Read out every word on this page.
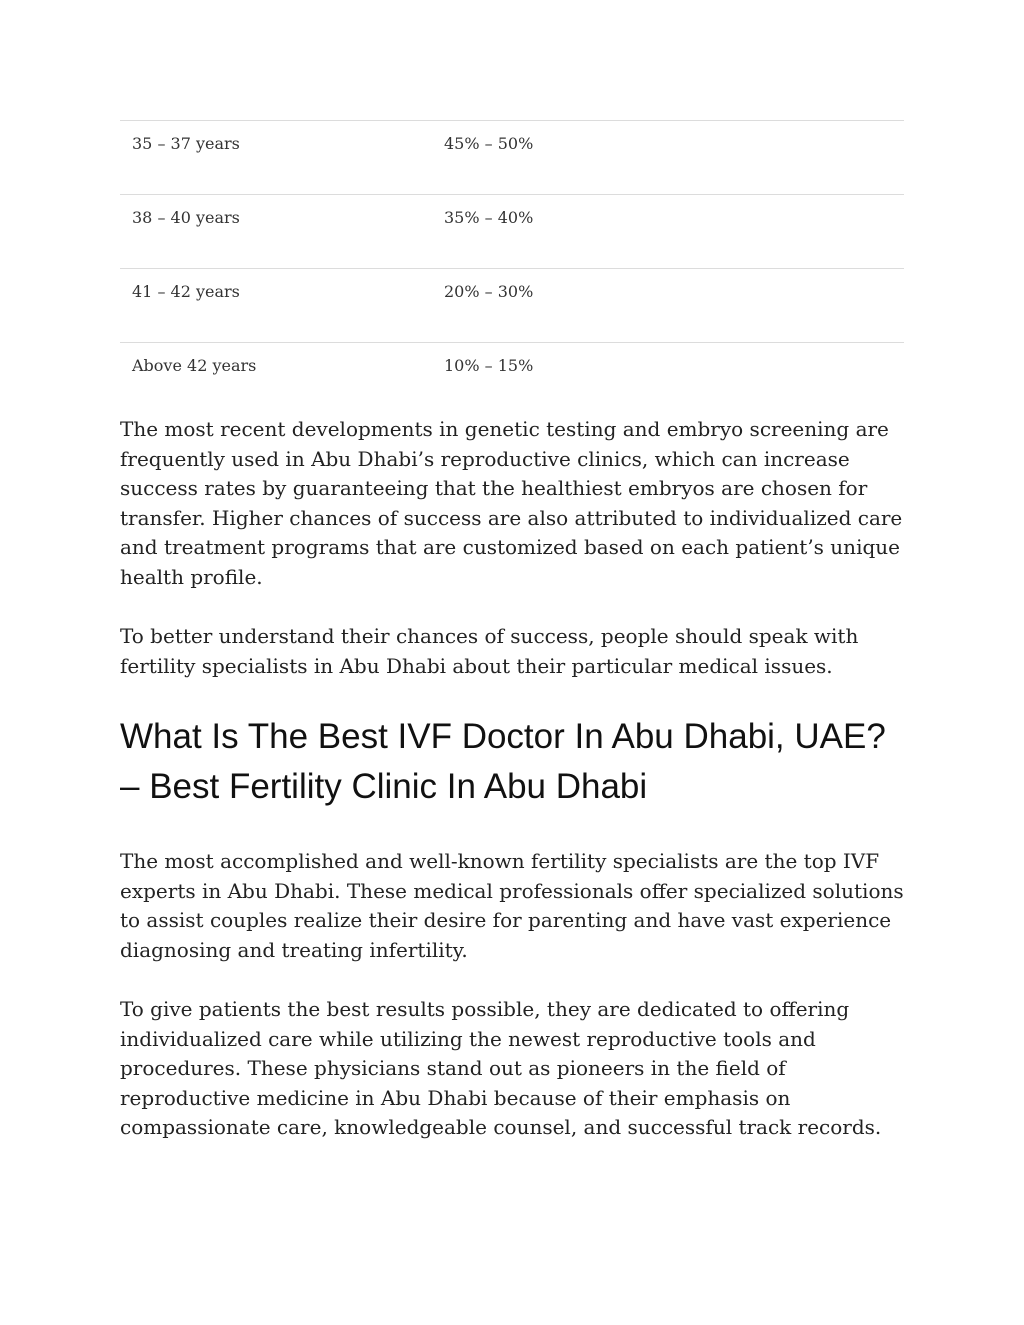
35 – 37 years	45% – 50%
38 – 40 years	35% – 40%
41 – 42 years	20% – 30%
Above 42 years	10% – 15%

The most recent developments in genetic testing and embryo screening are frequently used in Abu Dhabi’s reproductive clinics, which can increase success rates by guaranteeing that the healthiest embryos are chosen for transfer. Higher chances of success are also attributed to individualized care and treatment programs that are customized based on each patient’s unique health profile.

To better understand their chances of success, people should speak with fertility specialists in Abu Dhabi about their particular medical issues.

What Is The Best IVF Doctor In Abu Dhabi, UAE? – Best Fertility Clinic In Abu Dhabi

The most accomplished and well-known fertility specialists are the top IVF experts in Abu Dhabi. These medical professionals offer specialized solutions to assist couples realize their desire for parenting and have vast experience diagnosing and treating infertility.

To give patients the best results possible, they are dedicated to offering individualized care while utilizing the newest reproductive tools and procedures. These physicians stand out as pioneers in the field of reproductive medicine in Abu Dhabi because of their emphasis on compassionate care, knowledgeable counsel, and successful track records.
